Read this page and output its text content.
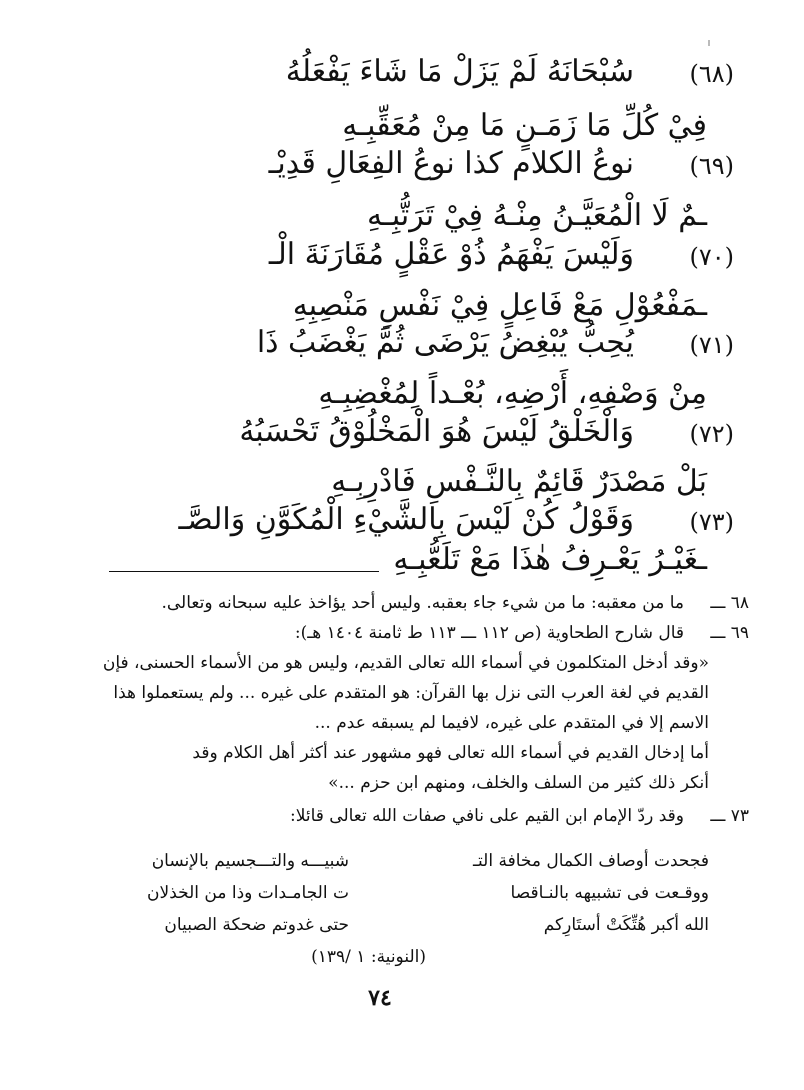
(٦٨)
سُبْحَانَهُ لَمْ يَزَلْ مَا شَاءَ يَفْعَلُهُ
فِيْ كُلِّ مَا زَمَـنٍ مَا مِنْ مُعَقِّبِـهِ
(٦٩)
نوعُ الكلام كذا نوعُ الفِعَالِ قَدِيْـ
ـمٌ لَا الْمُعَيَّـنُ مِنْـهُ فِيْ تَرَتُّبِـهِ
(٧٠)
وَلَيْسَ يَفْهَمُ ذُوْ عَقْلٍ مُقَارَنَةَ الْـ
ـمَفْعُوْلِ مَعْ فَاعِلٍ فِيْ نَفْسِ مَنْصِبِهِ
(٧١)
يُحِبُّ يُبْغِضُ يَرْضَى ثُمَّ يَغْضَبُ ذَا
مِنْ وَصْفِهِ، أَرْضِهِ، بُعْـداً لِمُغْضِبِـهِ
(٧٢)
وَالْخَلْقُ لَيْسَ هُوَ الْمَخْلُوْقُ تَحْسَبُهُ
بَلْ مَصْدَرٌ قَائِمٌ بِالنَّـفْسِ فَادْرِبِـهِ
(٧٣)
وَقَوْلُ كُنْ لَيْسَ بِالشَّيْءِ الْمُكَوَّنِ وَالصَّـ
ـغَيْـرُ يَعْـرِفُ هٰذَا مَعْ تَلَعُّبِـهِ
٦٨ ـــ
ما من معقبه: ما من شيء جاء بعقبه. وليس أحد يؤاخذ عليه سبحانه وتعالى.
٦٩ ـــ
قال شارح الطحاوية (ص ١١٢ ـــ ١١٣ ط ثامنة ١٤٠٤ هـ):
«وقد أدخل المتكلمون في أسماء الله تعالى القديم، وليس هو من الأسماء الحسنى، فإن
القديم في لغة العرب التى نزل بها القرآن: هو المتقدم على غيره ... ولم يستعملوا هذا
الاسم إلا في المتقدم على غيره، لافيما لم يسبقه عدم ...
أما إدخال القديم في أسماء الله تعالى فهو مشهور عند أكثر أهل الكلام وقد
أنكر ذلك كثير من السلف والخلف، ومنهم ابن حزم ...»
٧٣ ـــ
وقد ردّ الإمام ابن القيم على نافي صفات الله تعالى قائلا:
فجحدت أوصاف الكمال مخافة التـ
شبيـــه والتـــجسيم بالإنسان
ووقـعت فى تشبيهه بالنـاقصا
ت الجامـدات وذا من الخذلان
الله أكبر هُتِّكَتْ أستَارِكم
حتى غدوتم ضحكة الصبيان
(النونية: ١ /١٣٩)
٧٤
